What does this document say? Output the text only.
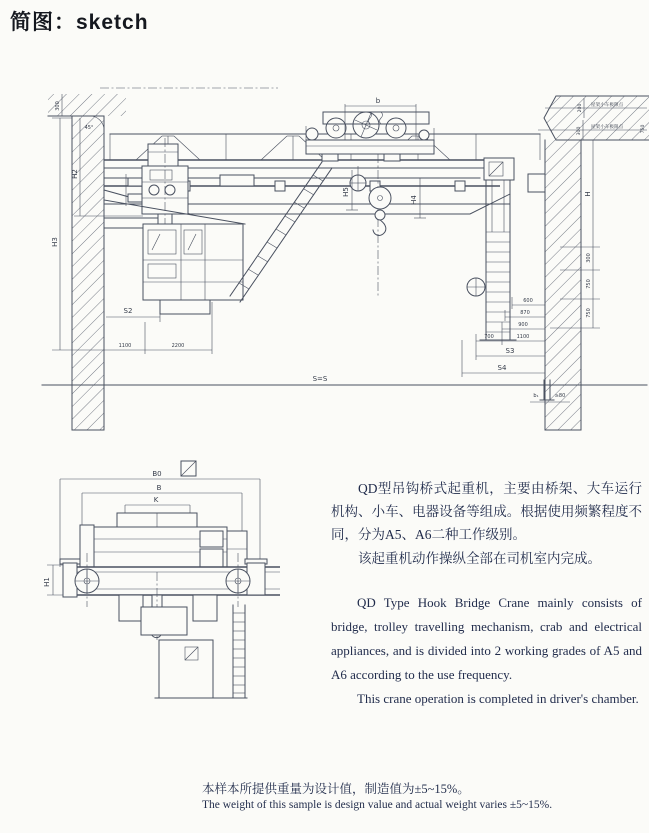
简图：sketch
b
H5
H4
300
45°
H2
H3
S2
1100	2200
S=S
600
870
900
700	1100
S3
S4
b₁	≥80
H
300
750
750
200 屋架小车极限点
300 屋架小车极限点	750
B0
B
K
H1

QD型吊钩桥式起重机，主要由桥架、大车运行机构、小车、电器设备等组成。根据使用频繁程度不同，分为A5、A6二种工作级别。

该起重机动作操纵全部在司机室内完成。

QD Type Hook Bridge Crane mainly consists of bridge, trolley travelling mechanism, crab and electrical appliances, and is divided into 2 working grades of A5 and A6 according to the use frequency.

This crane operation is completed in driver's chamber.

本样本所提供重量为设计值，制造值为±5~15%。

The weight of this sample is design value and actual weight varies ±5~15%.
